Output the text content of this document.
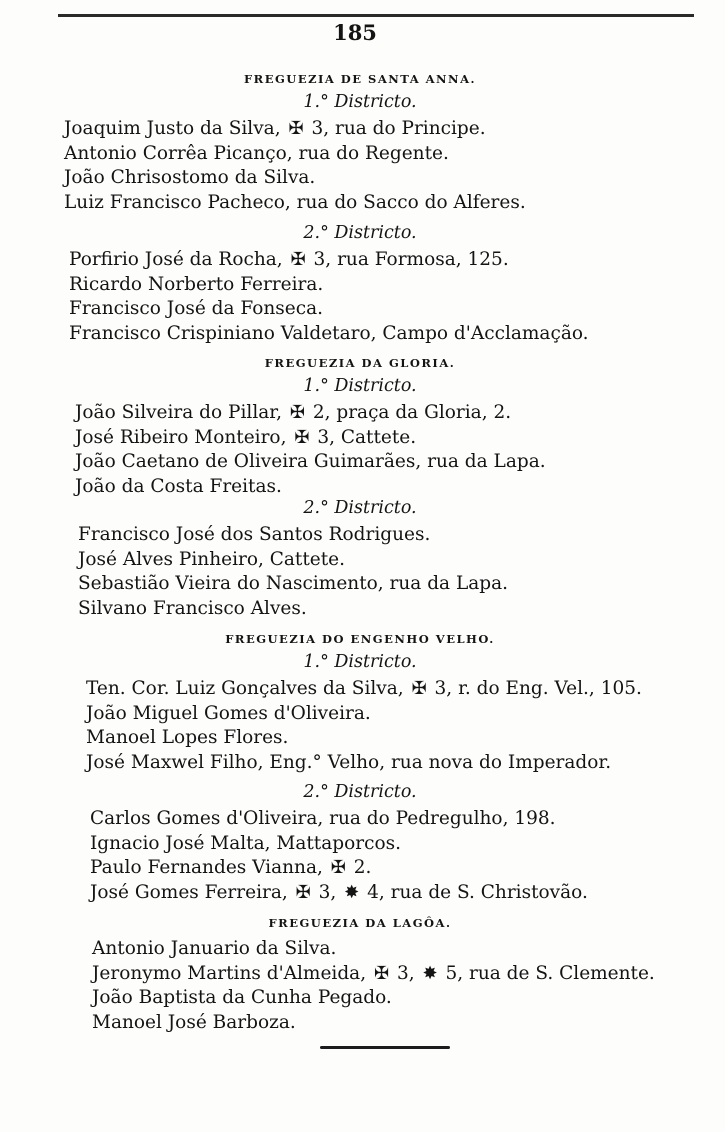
185
FREGUEZIA DE SANTA ANNA.
1.° Districto.
Joaquim Justo da Silva, ✠ 3, rua do Principe.
Antonio Corrêa Picanço, rua do Regente.
João Chrisostomo da Silva.
Luiz Francisco Pacheco, rua do Sacco do Alferes.
2.° Districto.
Porfirio José da Rocha, ✠ 3, rua Formosa, 125.
Ricardo Norberto Ferreira.
Francisco José da Fonseca.
Francisco Crispiniano Valdetaro, Campo d'Acclamação.
FREGUEZIA DA GLORIA.
1.° Districto.
João Silveira do Pillar, ✠ 2, praça da Gloria, 2.
José Ribeiro Monteiro, ✠ 3, Cattete.
João Caetano de Oliveira Guimarães, rua da Lapa.
João da Costa Freitas.
2.° Districto.
Francisco José dos Santos Rodrigues.
José Alves Pinheiro, Cattete.
Sebastião Vieira do Nascimento, rua da Lapa.
Silvano Francisco Alves.
FREGUEZIA DO ENGENHO VELHO.
1.° Districto.
Ten. Cor. Luiz Gonçalves da Silva, ✠ 3, r. do Eng. Vel., 105.
João Miguel Gomes d'Oliveira.
Manoel Lopes Flores.
José Maxwel Filho, Eng.° Velho, rua nova do Imperador.
2.° Districto.
Carlos Gomes d'Oliveira, rua do Pedregulho, 198.
Ignacio José Malta, Mattaporcos.
Paulo Fernandes Vianna, ✠ 2.
José Gomes Ferreira, ✠ 3, ✸ 4, rua de S. Christovão.
FREGUEZIA DA LAGÔA.
Antonio Januario da Silva.
Jeronymo Martins d'Almeida, ✠ 3, ✸ 5, rua de S. Clemente.
João Baptista da Cunha Pegado.
Manoel José Barboza.
